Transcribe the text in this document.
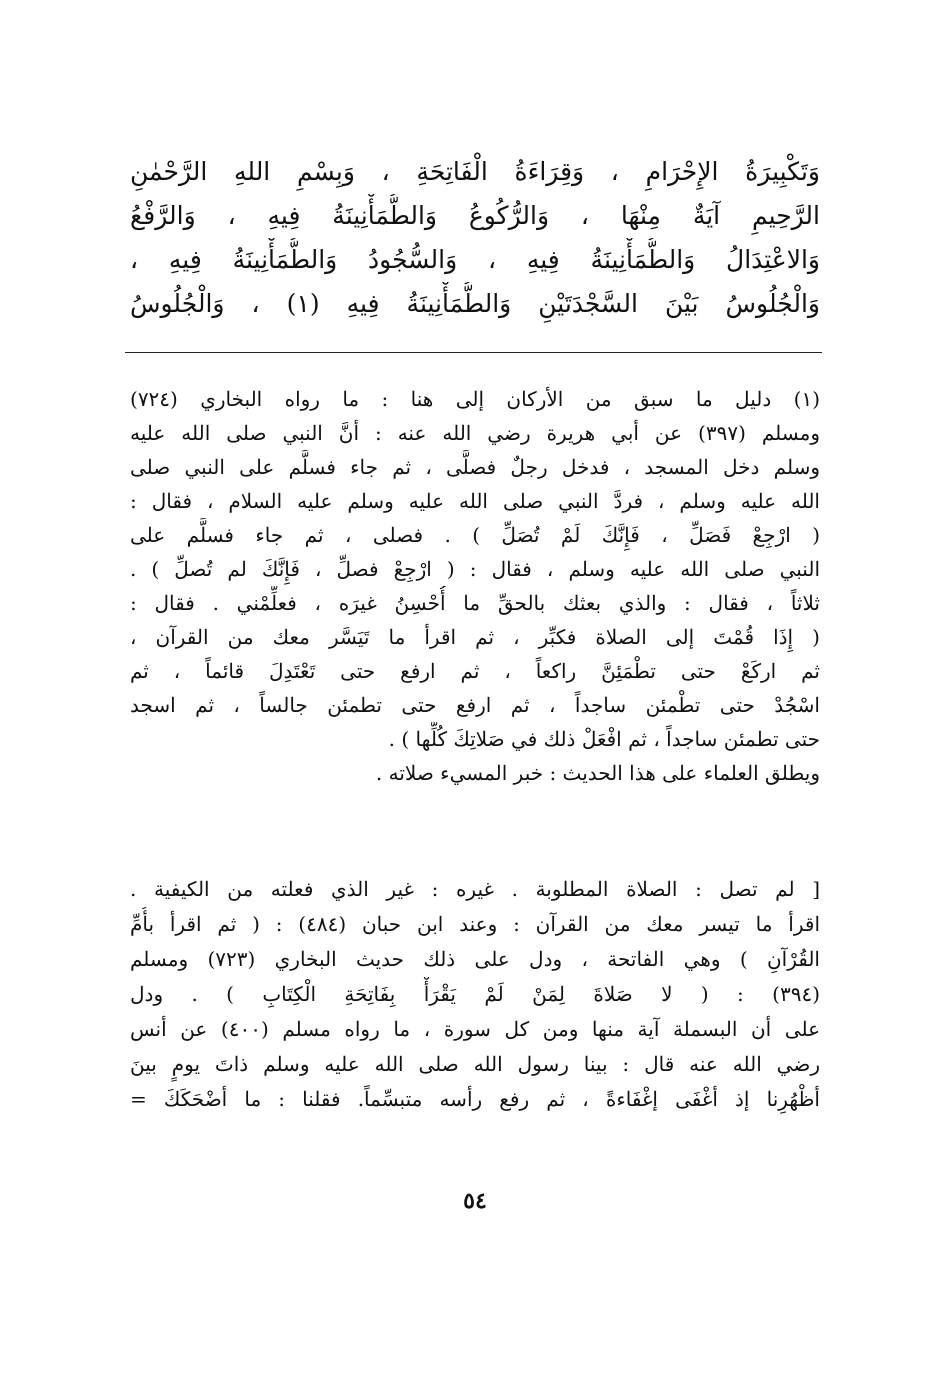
وَتَكْبِيرَةُ الإِحْرَامِ ، وَقِرَاءَةُ الْفَاتِحَةِ ، وَبِسْمِ اللهِ الرَّحْمٰنِ
الرَّحِيمِ آيَةٌ مِنْهَا ، وَالرُّكُوعُ وَالطُّمَأْنِينَةُ فِيهِ ، وَالرَّفْعُ
وَالاعْتِدَالُ وَالطُّمَأْنِينَةُ فِيهِ ، وَالسُّجُودُ وَالطُّمَأْنِينَةُ فِيهِ ،
وَالْجُلُوسُ بَيْنَ السَّجْدَتَيْنِ وَالطُّمَأْنِينَةُ فِيهِ (١) ، وَالْجُلُوسُ
(١) دليل ما سبق من الأركان إلى هنا : ما رواه البخاري (٧٢٤)
ومسلم (٣٩٧) عن أبي هريرة رضي الله عنه : أنَّ النبي صلى الله عليه
وسلم دخل المسجد ، فدخل رجلٌ فصلَّى ، ثم جاء فسلَّم على النبي صلى
الله عليه وسلم ، فردَّ النبي صلى الله عليه وسلم عليه السلام ، فقال :
( ارْجِعْ فَصَلِّ ، فَإِنَّكَ لَمْ تُصَلِّ ) . فصلى ، ثم جاء فسلَّم على
النبي صلى الله عليه وسلم ، فقال : ( ارْجِعْ فصلِّ ، فَإِنَّكَ لم تُصلِّ ) .
ثلاثاً ، فقال : والذي بعثك بالحقِّ ما أُحْسِنُ غيرَه ، فعلِّمْني . فقال :
( إِذَا قُمْتَ إلى الصلاة فكبِّر ، ثم اقرأ ما تَيَسَّر معك من القرآن ،
ثم اركَعْ حتى تطْمَئِنَّ راكعاً ، ثم ارفع حتى تَعْتَدِلَ قائماً ، ثم
اسْجُدْ حتى تطْمئن ساجداً ، ثم ارفع حتى تطمئن جالساً ، ثم اسجد
حتى تطمئن ساجداً ، ثم افْعَلْ ذلك في صَلاتِكَ كُلِّها ) .
ويطلق العلماء على هذا الحديث : خبر المسيء صلاته .
[ لم تصل : الصلاة المطلوبة . غيره : غير الذي فعلته من الكيفية .
اقرأ ما تيسر معك من القرآن : وعند ابن حبان (٤٨٤) : ( ثم اقرأ بأُمِّ
القُرْآنِ ) وهي الفاتحة ، ودل على ذلك حديث البخاري (٧٢٣) ومسلم
(٣٩٤) : ( لا صَلاةَ لِمَنْ لَمْ يَقْرَأْ بِفَاتِحَةِ الْكِتَابِ ) . ودل
على أن البسملة آية منها ومن كل سورة ، ما رواه مسلم (٤٠٠) عن أنس
رضي الله عنه قال : بينا رسول الله صلى الله عليه وسلم ذاتَ يومٍ بينَ
أظْهُرِنا إذ أغْفَى إغْفَاءةً ، ثم رفع رأسه متبسِّماً. فقلنا : ما أضْحَكَكَ =
٥٤
